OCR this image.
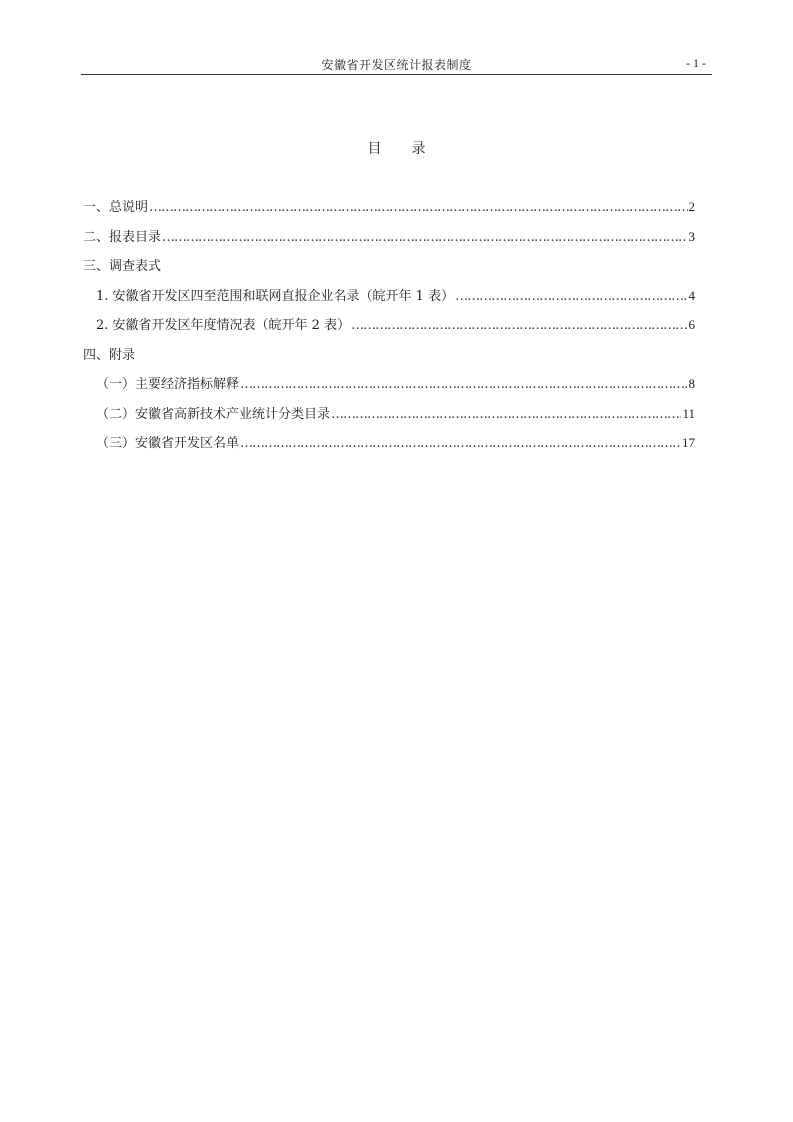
安徽省开发区统计报表制度	- 1 -
目录
一、总说明 ……………………………………………………………………………………………………………………………………………………………………………………………………	2
二、报表目录 ……………………………………………………………………………………………………………………………………………………………………………………………………	3
三、调查表式
1. 安徽省开发区四至范围和联网直报企业名录（皖开年 1 表） ……………………………………………………………………………………………………………………………………………………………………………………………………	4
2. 安徽省开发区年度情况表（皖开年 2 表） ……………………………………………………………………………………………………………………………………………………………………………………………………	6
四、附录
（一）主要经济指标解释 ……………………………………………………………………………………………………………………………………………………………………………………………………	8
（二）安徽省高新技术产业统计分类目录 ……………………………………………………………………………………………………………………………………………………………………………………………………	11
（三）安徽省开发区名单 ……………………………………………………………………………………………………………………………………………………………………………………………………	17
